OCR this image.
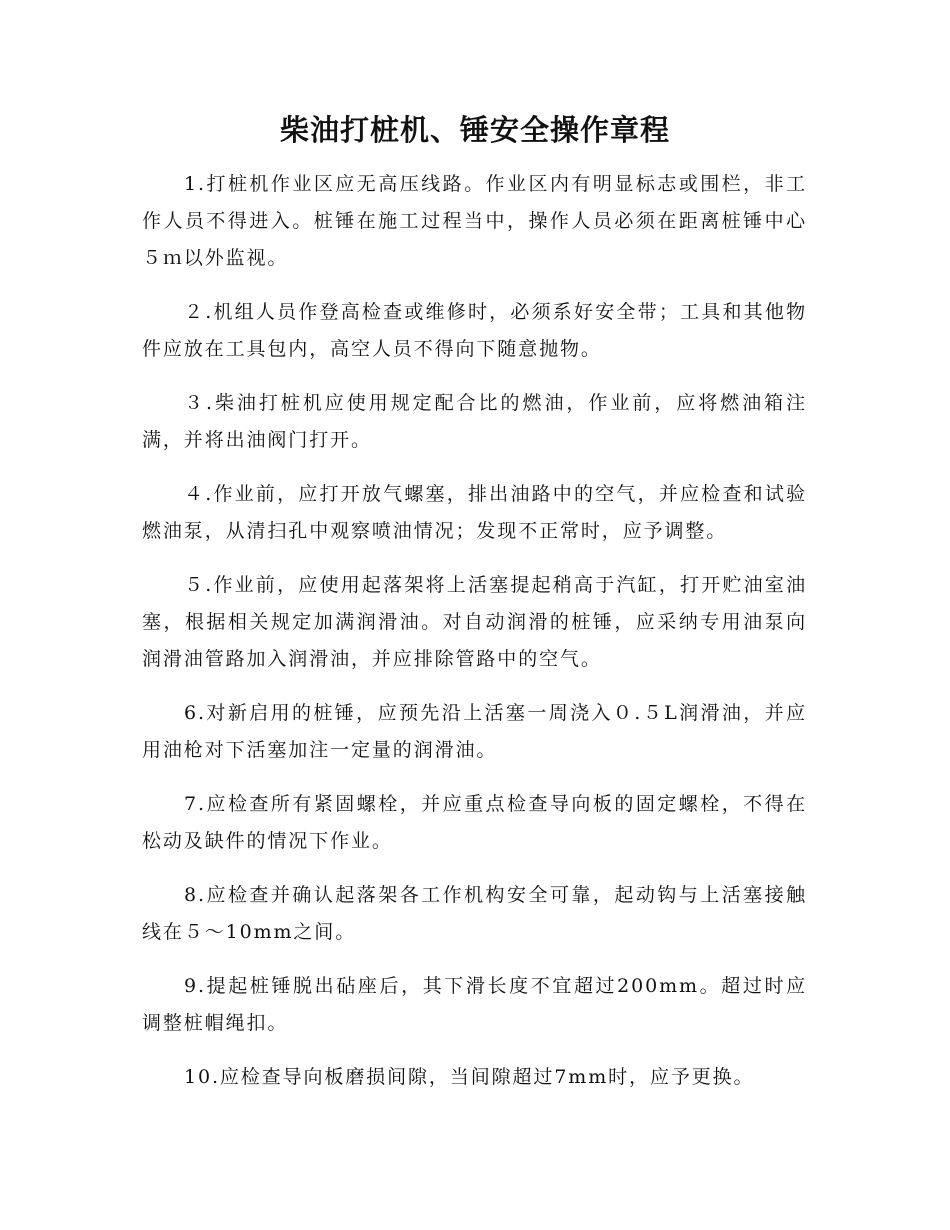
柴油打桩机、锤安全操作章程

1.打桩机作业区应无高压线路。作业区内有明显标志或围栏，非工作人员不得进入。桩锤在施工过程当中，操作人员必须在距离桩锤中心５ｍ以外监视。

２.机组人员作登高检查或维修时，必须系好安全带；工具和其他物件应放在工具包内，高空人员不得向下随意抛物。

３.柴油打桩机应使用规定配合比的燃油，作业前，应将燃油箱注满，并将出油阀门打开。

４.作业前，应打开放气螺塞，排出油路中的空气，并应检查和试验燃油泵，从清扫孔中观察喷油情况；发现不正常时，应予调整。

５.作业前，应使用起落架将上活塞提起稍高于汽缸，打开贮油室油塞，根据相关规定加满润滑油。对自动润滑的桩锤，应采纳专用油泵向润滑油管路加入润滑油，并应排除管路中的空气。

6.对新启用的桩锤，应预先沿上活塞一周浇入０.５L润滑油，并应用油枪对下活塞加注一定量的润滑油。

7.应检查所有紧固螺栓，并应重点检查导向板的固定螺栓，不得在松动及缺件的情况下作业。

8.应检查并确认起落架各工作机构安全可靠，起动钩与上活塞接触线在５～10mm之间。

9.提起桩锤脱出砧座后，其下滑长度不宜超过200mm。超过时应调整桩帽绳扣。

10.应检查导向板磨损间隙，当间隙超过7mm时，应予更换。
